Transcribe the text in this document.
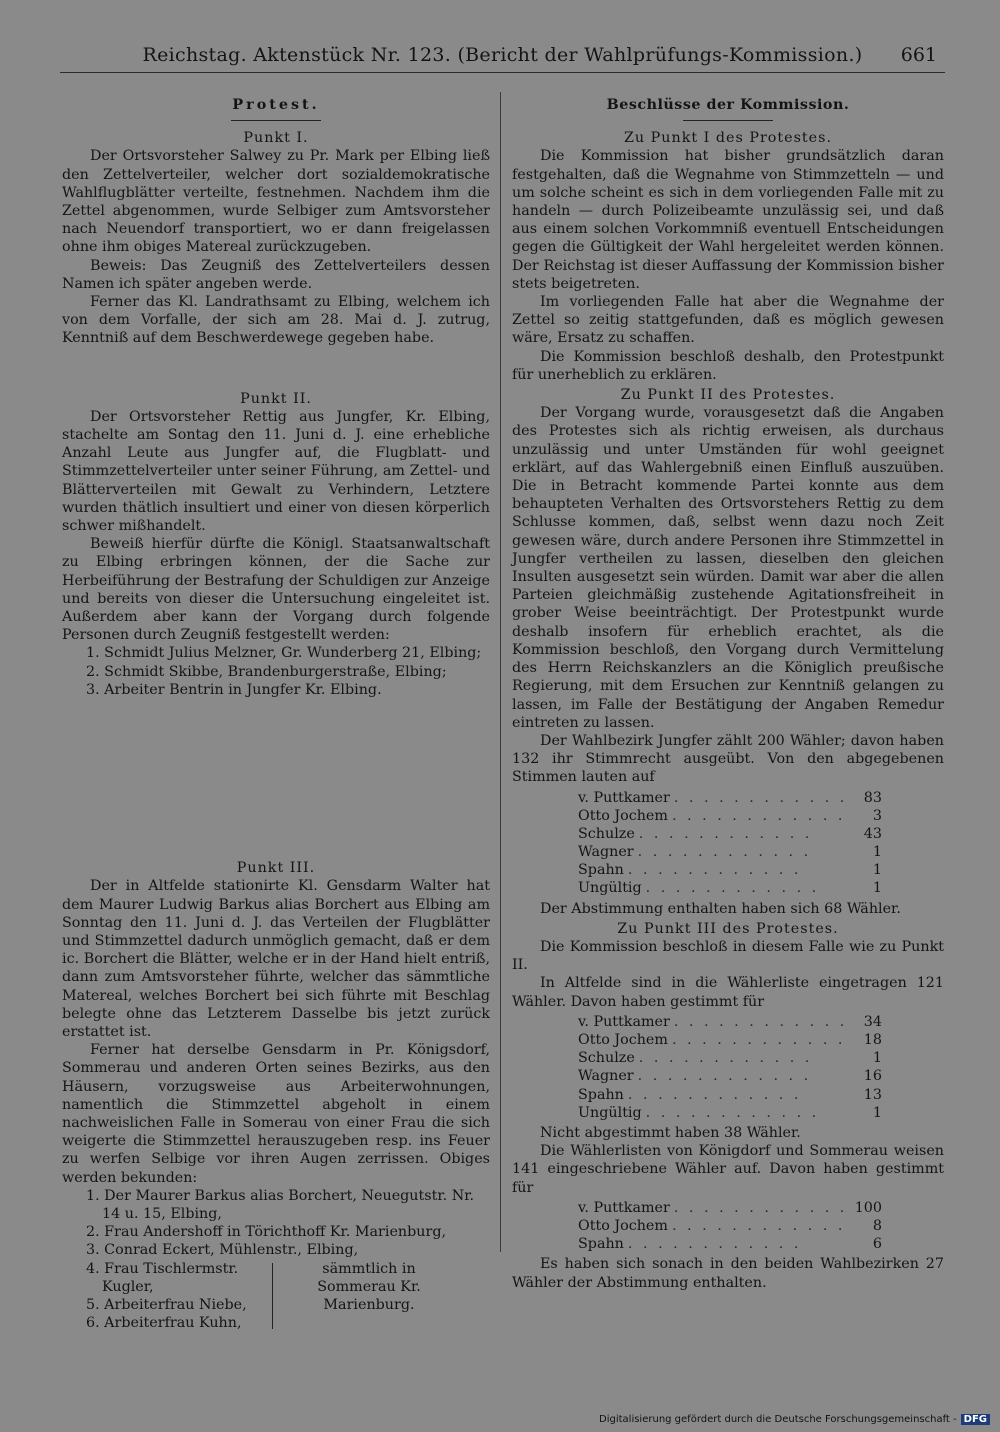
Reichstag. Aktenstück Nr. 123. (Bericht der Wahlprüfungs-Kommission.) 661
Protest.
Punkt I.

Der Ortsvorsteher Salwey zu Pr. Mark per Elbing ließ den Zettelverteiler, welcher dort sozialdemokratische Wahlflugblätter verteilte, festnehmen. Nachdem ihm die Zettel abgenommen, wurde Selbiger zum Amtsvorsteher nach Neuendorf transportiert, wo er dann freigelassen ohne ihm obiges Matereal zurückzugeben.

Beweis: Das Zeugniß des Zettelverteilers dessen Namen ich später angeben werde.

Ferner das Kl. Landrathsamt zu Elbing, welchem ich von dem Vorfalle, der sich am 28. Mai d. J. zutrug, Kenntniß auf dem Beschwerdewege gegeben habe.

Punkt II.

Der Ortsvorsteher Rettig aus Jungfer, Kr. Elbing, stachelte am Sontag den 11. Juni d. J. eine erhebliche Anzahl Leute aus Jungfer auf, die Flugblatt- und Stimmzettelverteiler unter seiner Führung, am Zettel- und Blätterverteilen mit Gewalt zu Verhindern, Letztere wurden thätlich insultiert und einer von diesen körperlich schwer mißhandelt.

Beweiß hierfür dürfte die Königl. Staatsanwaltschaft zu Elbing erbringen können, der die Sache zur Herbeiführung der Bestrafung der Schuldigen zur Anzeige und bereits von dieser die Untersuchung eingeleitet ist. Außerdem aber kann der Vorgang durch folgende Personen durch Zeugniß festgestellt werden:

1. Schmidt Julius Melzner, Gr. Wunderberg 21, Elbing;
2. Schmidt Skibbe, Brandenburgerstraße, Elbing;
3. Arbeiter Bentrin in Jungfer Kr. Elbing.
Punkt III.

Der in Altfelde stationirte Kl. Gensdarm Walter hat dem Maurer Ludwig Barkus alias Borchert aus Elbing am Sonntag den 11. Juni d. J. das Verteilen der Flugblätter und Stimmzettel dadurch unmöglich gemacht, daß er dem ic. Borchert die Blätter, welche er in der Hand hielt entriß, dann zum Amtsvorsteher führte, welcher das sämmtliche Matereal, welches Borchert bei sich führte mit Beschlag belegte ohne das Letzterem Dasselbe bis jetzt zurück erstattet ist.

Ferner hat derselbe Gensdarm in Pr. Königsdorf, Sommerau und anderen Orten seines Bezirks, aus den Häusern, vorzugsweise aus Arbeiterwohnungen, namentlich die Stimmzettel abgeholt in einem nachweislichen Falle in Somerau von einer Frau die sich weigerte die Stimmzettel herauszugeben resp. ins Feuer zu werfen Selbige vor ihren Augen zerrissen. Obiges werden bekunden:

1. Der Maurer Barkus alias Borchert, Neuegutstr. Nr. 14 u. 15, Elbing,
2. Frau Andershoff in Törichthoff Kr. Marienburg,
3. Conrad Eckert, Mühlenstr., Elbing,
4. Frau Tischlermstr. Kugler,
5. Arbeiterfrau Niebe,
6. Arbeiterfrau Kuhn,
sämmtlich in Sommerau Kr. Marienburg.
Beschlüsse der Kommission.
Zu Punkt I des Protestes.

Die Kommission hat bisher grundsätzlich daran festgehalten, daß die Wegnahme von Stimmzetteln — und um solche scheint es sich in dem vorliegenden Falle mit zu handeln — durch Polizeibeamte unzulässig sei, und daß aus einem solchen Vorkommniß eventuell Entscheidungen gegen die Gültigkeit der Wahl hergeleitet werden können. Der Reichstag ist dieser Auffassung der Kommission bisher stets beigetreten.

Im vorliegenden Falle hat aber die Wegnahme der Zettel so zeitig stattgefunden, daß es möglich gewesen wäre, Ersatz zu schaffen.

Die Kommission beschloß deshalb, den Protestpunkt für unerheblich zu erklären.

Zu Punkt II des Protestes.

Der Vorgang wurde, vorausgesetzt daß die Angaben des Protestes sich als richtig erweisen, als durchaus unzulässig und unter Umständen für wohl geeignet erklärt, auf das Wahlergebniß einen Einfluß auszuüben. Die in Betracht kommende Partei konnte aus dem behaupteten Verhalten des Ortsvorstehers Rettig zu dem Schlusse kommen, daß, selbst wenn dazu noch Zeit gewesen wäre, durch andere Personen ihre Stimmzettel in Jungfer vertheilen zu lassen, dieselben den gleichen Insulten ausgesetzt sein würden. Damit war aber die allen Parteien gleichmäßig zustehende Agitationsfreiheit in grober Weise beeinträchtigt. Der Protestpunkt wurde deshalb insofern für erheblich erachtet, als die Kommission beschloß, den Vorgang durch Vermittelung des Herrn Reichskanzlers an die Königlich preußische Regierung, mit dem Ersuchen zur Kenntniß gelangen zu lassen, im Falle der Bestätigung der Angaben Remedur eintreten zu lassen.

Der Wahlbezirk Jungfer zählt 200 Wähler; davon haben 132 ihr Stimmrecht ausgeübt. Von den abgegebenen Stimmen lauten auf

v. Puttkamer . . . . . . . . . . . .	83
Otto Jochem . . . . . . . . . . . .	3
Schulze . . . . . . . . . . . .	43
Wagner . . . . . . . . . . . .	1
Spahn . . . . . . . . . . . .	1
Ungültig . . . . . . . . . . . .	1

Der Abstimmung enthalten haben sich 68 Wähler.

Zu Punkt III des Protestes.

Die Kommission beschloß in diesem Falle wie zu Punkt II.

In Altfelde sind in die Wählerliste eingetragen 121 Wähler. Davon haben gestimmt für

v. Puttkamer . . . . . . . . . . . .	34
Otto Jochem . . . . . . . . . . . .	18
Schulze . . . . . . . . . . . .	1
Wagner . . . . . . . . . . . .	16
Spahn . . . . . . . . . . . .	13
Ungültig . . . . . . . . . . . .	1

Nicht abgestimmt haben 38 Wähler.

Die Wählerlisten von Königdorf und Sommerau weisen 141 eingeschriebene Wähler auf. Davon haben gestimmt für

v. Puttkamer . . . . . . . . . . . . 100
Otto Jochem . . . . . . . . . . . .	8
Spahn . . . . . . . . . . . .	6

Es haben sich sonach in den beiden Wahlbezirken 27 Wähler der Abstimmung enthalten.

Digitalisierung gefördert durch die Deutsche Forschungsgemeinschaft - DFG
